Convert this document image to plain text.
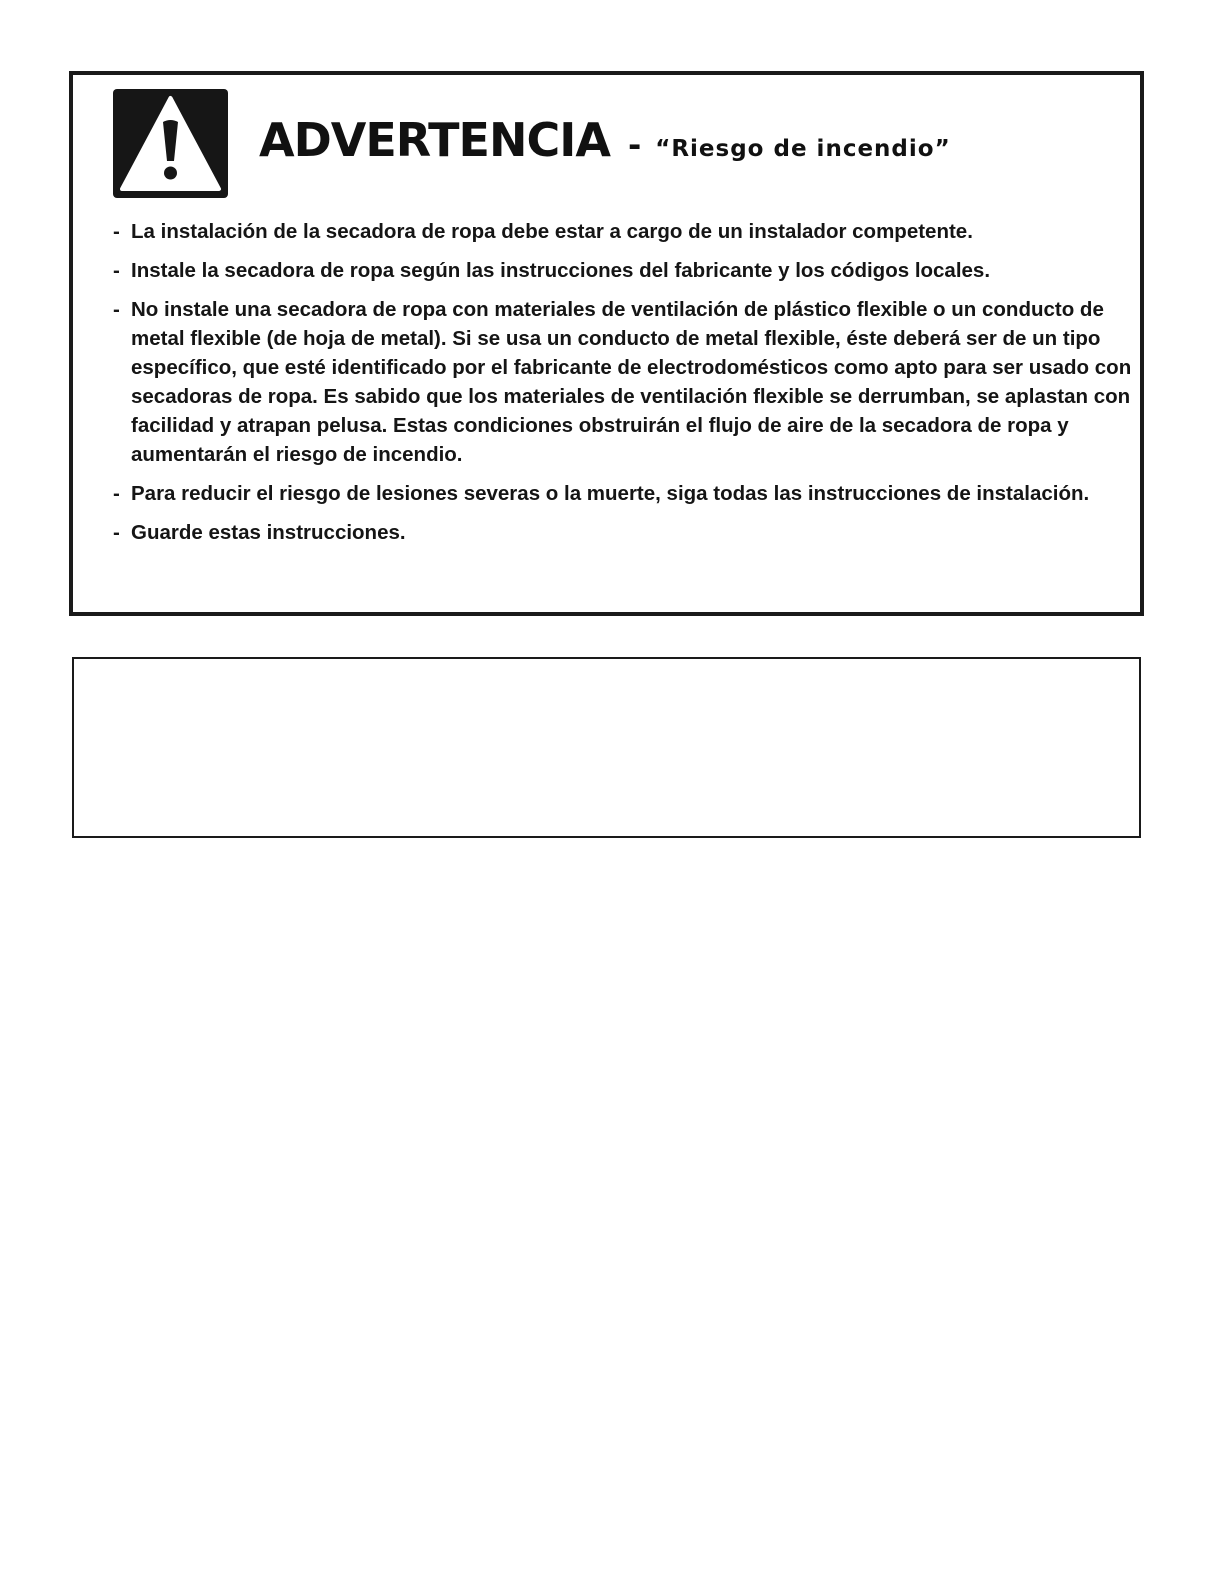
ADVERTENCIA - “Riesgo de incendio”
- La instalación de la secadora de ropa debe estar a cargo de un instalador competente.
- Instale la secadora de ropa según las instrucciones del fabricante y los códigos locales.
- No instale una secadora de ropa con materiales de ventilación de plástico flexible o un conducto de metal flexible (de hoja de metal). Si se usa un conducto de metal flexible, éste deberá ser de un tipo específico, que esté identificado por el fabricante de electrodomésticos como apto para ser usado con secadoras de ropa. Es sabido que los materiales de ventilación flexible se derrumban, se aplastan con facilidad y atrapan pelusa. Estas condiciones obstruirán el flujo de aire de la secadora de ropa y aumentarán el riesgo de incendio.
- Para reducir el riesgo de lesiones severas o la muerte, siga todas las instrucciones de instalación.
- Guarde estas instrucciones.
